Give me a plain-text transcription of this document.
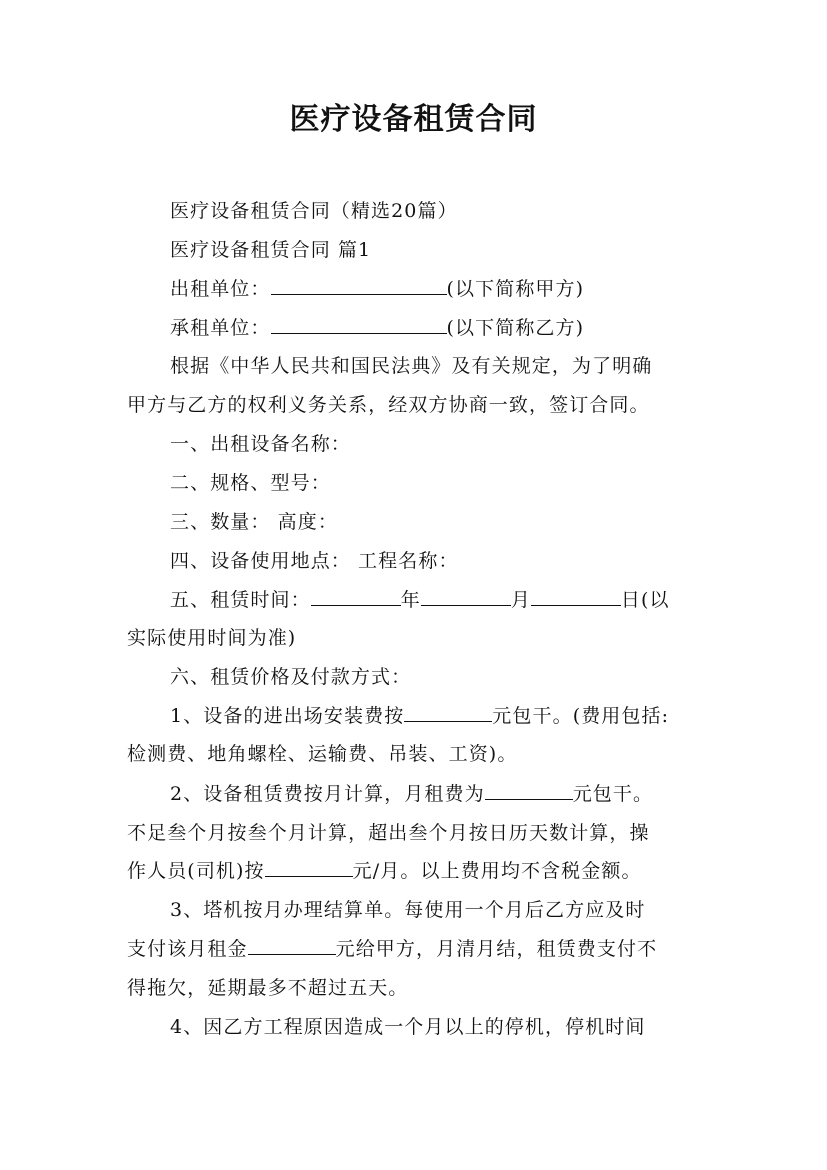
医疗设备租赁合同
医疗设备租赁合同（精选20篇）
医疗设备租赁合同 篇1
出租单位：	(以下简称甲方)
承租单位：	(以下简称乙方)
根据《中华人民共和国民法典》及有关规定，为了明确
甲方与乙方的权利义务关系，经双方协商一致，签订合同。
一、出租设备名称：
二、规格、型号：
三、数量： 高度：
四、设备使用地点： 工程名称：
五、租赁时间：	年	月	日(以
实际使用时间为准)
六、租赁价格及付款方式：
1、设备的进出场安装费按	元包干。(费用包括:
检测费、地角螺栓、运输费、吊装、工资)。
2、设备租赁费按月计算，月租费为	元包干。
不足叁个月按叁个月计算，超出叁个月按日历天数计算，操
作人员(司机)按	元/月。以上费用均不含税金额。
3、塔机按月办理结算单。每使用一个月后乙方应及时
支付该月租金	元给甲方，月清月结，租赁费支付不
得拖欠，延期最多不超过五天。
4、因乙方工程原因造成一个月以上的停机，停机时间
